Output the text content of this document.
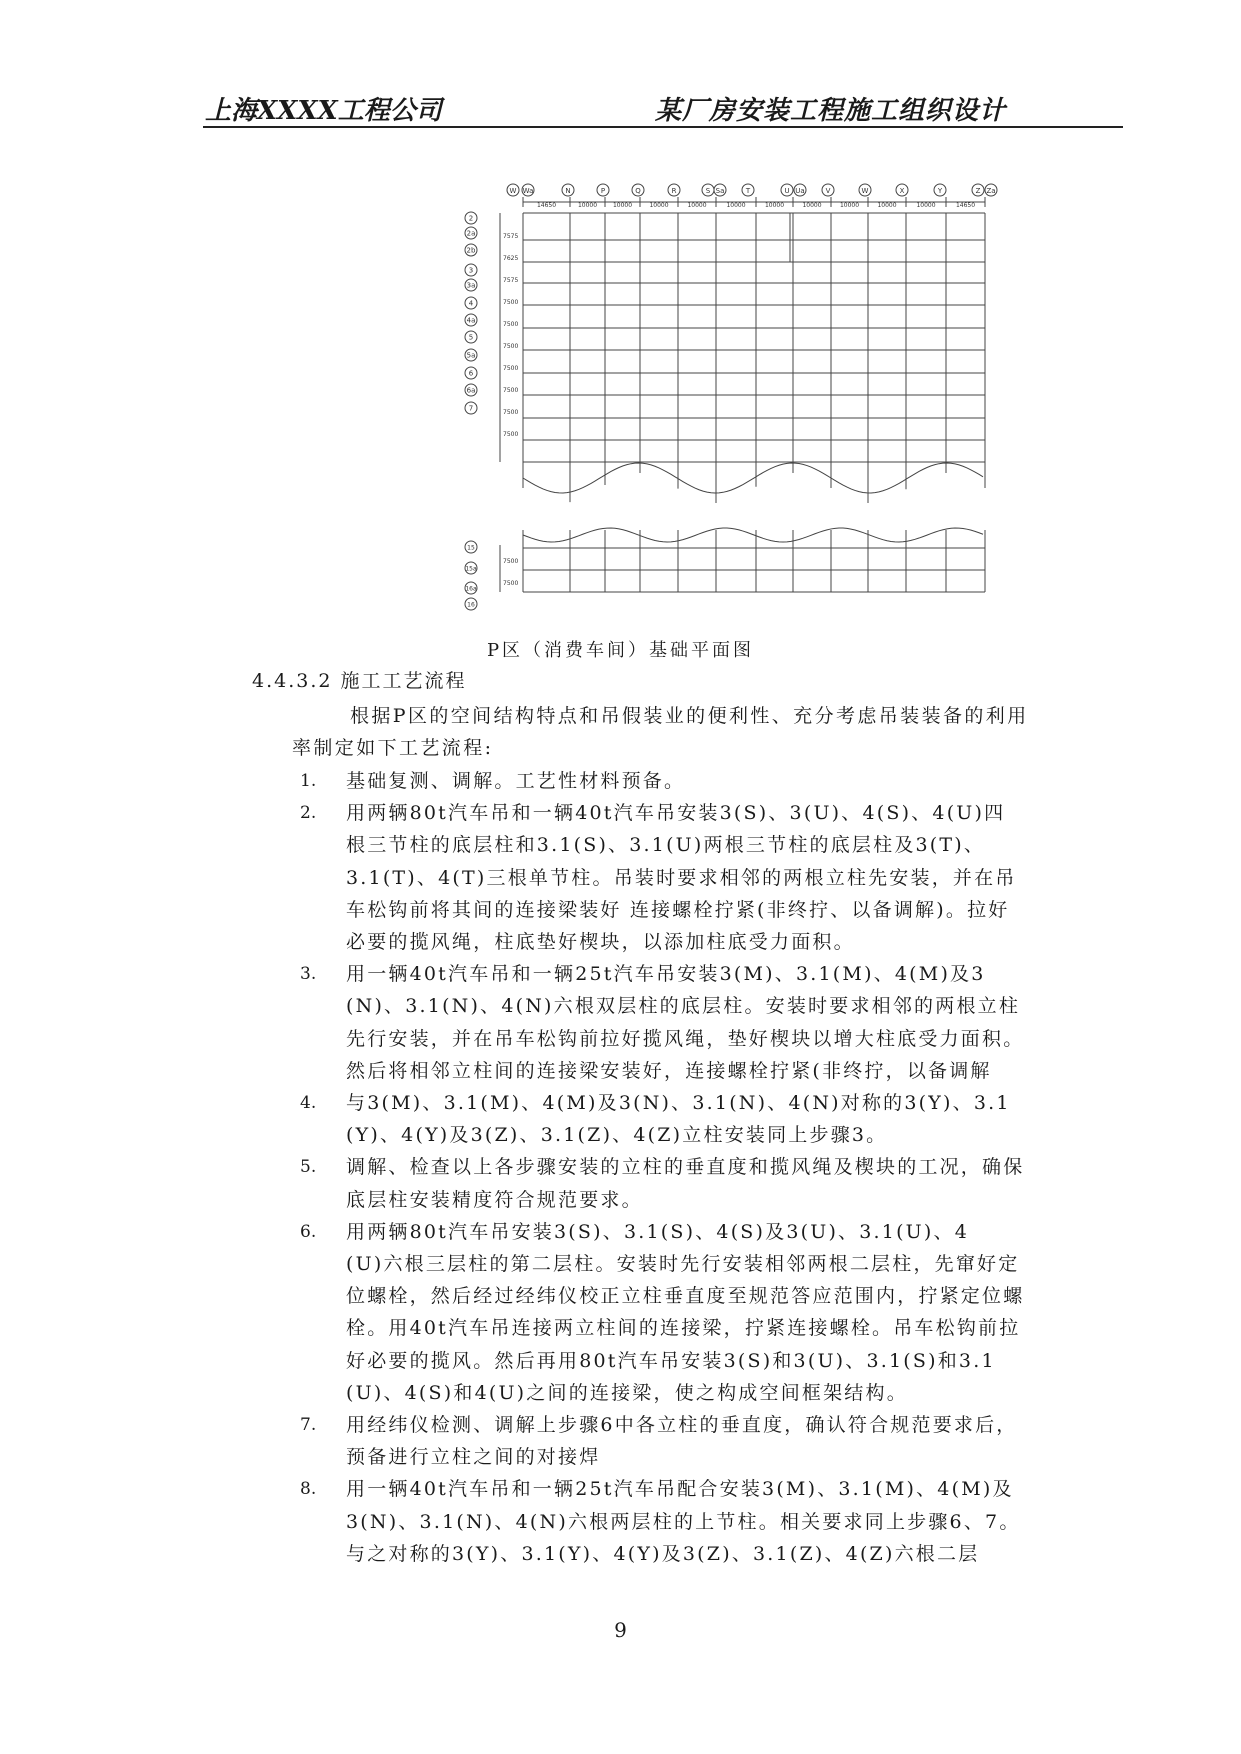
上海XXXX工程公司	某厂房安装工程施工组织设计
W Wa	N	P	Q	R	S Sa	T	U Ua	V	W	X	Y	Z Za
14650	10000	10000	10000	10000	10000	10000	10000	10000	10000	10000	14650
2
2a
2b
3
3a
4
4a
5
5a
6
6a
7
7575
7625
7575
7500
7500
7500
7500
7500
7500
7500
15
15a
16a
16
7500
7500
P区（消费车间）基础平面图
4.4.3.2 施工工艺流程
根据P区的空间结构特点和吊假装业的便利性、充分考虑吊装装备的利用
率制定如下工艺流程:
1. 基础复测、调解。工艺性材料预备。
2. 用两辆80t汽车吊和一辆40t汽车吊安装3(S)、3(U)、4(S)、4(U)四
根三节柱的底层柱和3.1(S)、3.1(U)两根三节柱的底层柱及3(T)、
3.1(T)、4(T)三根单节柱。吊装时要求相邻的两根立柱先安装，并在吊
车松钩前将其间的连接梁装好 连接螺栓拧紧(非终拧、以备调解)。拉好
必要的揽风绳，柱底垫好楔块，以添加柱底受力面积。
3. 用一辆40t汽车吊和一辆25t汽车吊安装3(M)、3.1(M)、4(M)及3
(N)、3.1(N)、4(N)六根双层柱的底层柱。安装时要求相邻的两根立柱
先行安装，并在吊车松钩前拉好揽风绳，垫好楔块以增大柱底受力面积。
然后将相邻立柱间的连接梁安装好，连接螺栓拧紧(非终拧，以备调解
4. 与3(M)、3.1(M)、4(M)及3(N)、3.1(N)、4(N)对称的3(Y)、3.1
(Y)、4(Y)及3(Z)、3.1(Z)、4(Z)立柱安装同上步骤3。
5. 调解、检查以上各步骤安装的立柱的垂直度和揽风绳及楔块的工况，确保
底层柱安装精度符合规范要求。
6. 用两辆80t汽车吊安装3(S)、3.1(S)、4(S)及3(U)、3.1(U)、4
(U)六根三层柱的第二层柱。安装时先行安装相邻两根二层柱，先窜好定
位螺栓，然后经过经纬仪校正立柱垂直度至规范答应范围内，拧紧定位螺
栓。用40t汽车吊连接两立柱间的连接梁，拧紧连接螺栓。吊车松钩前拉
好必要的揽风。然后再用80t汽车吊安装3(S)和3(U)、3.1(S)和3.1
(U)、4(S)和4(U)之间的连接梁，使之构成空间框架结构。
7. 用经纬仪检测、调解上步骤6中各立柱的垂直度，确认符合规范要求后，
预备进行立柱之间的对接焊
8. 用一辆40t汽车吊和一辆25t汽车吊配合安装3(M)、3.1(M)、4(M)及
3(N)、3.1(N)、4(N)六根两层柱的上节柱。相关要求同上步骤6、7。
与之对称的3(Y)、3.1(Y)、4(Y)及3(Z)、3.1(Z)、4(Z)六根二层
9
